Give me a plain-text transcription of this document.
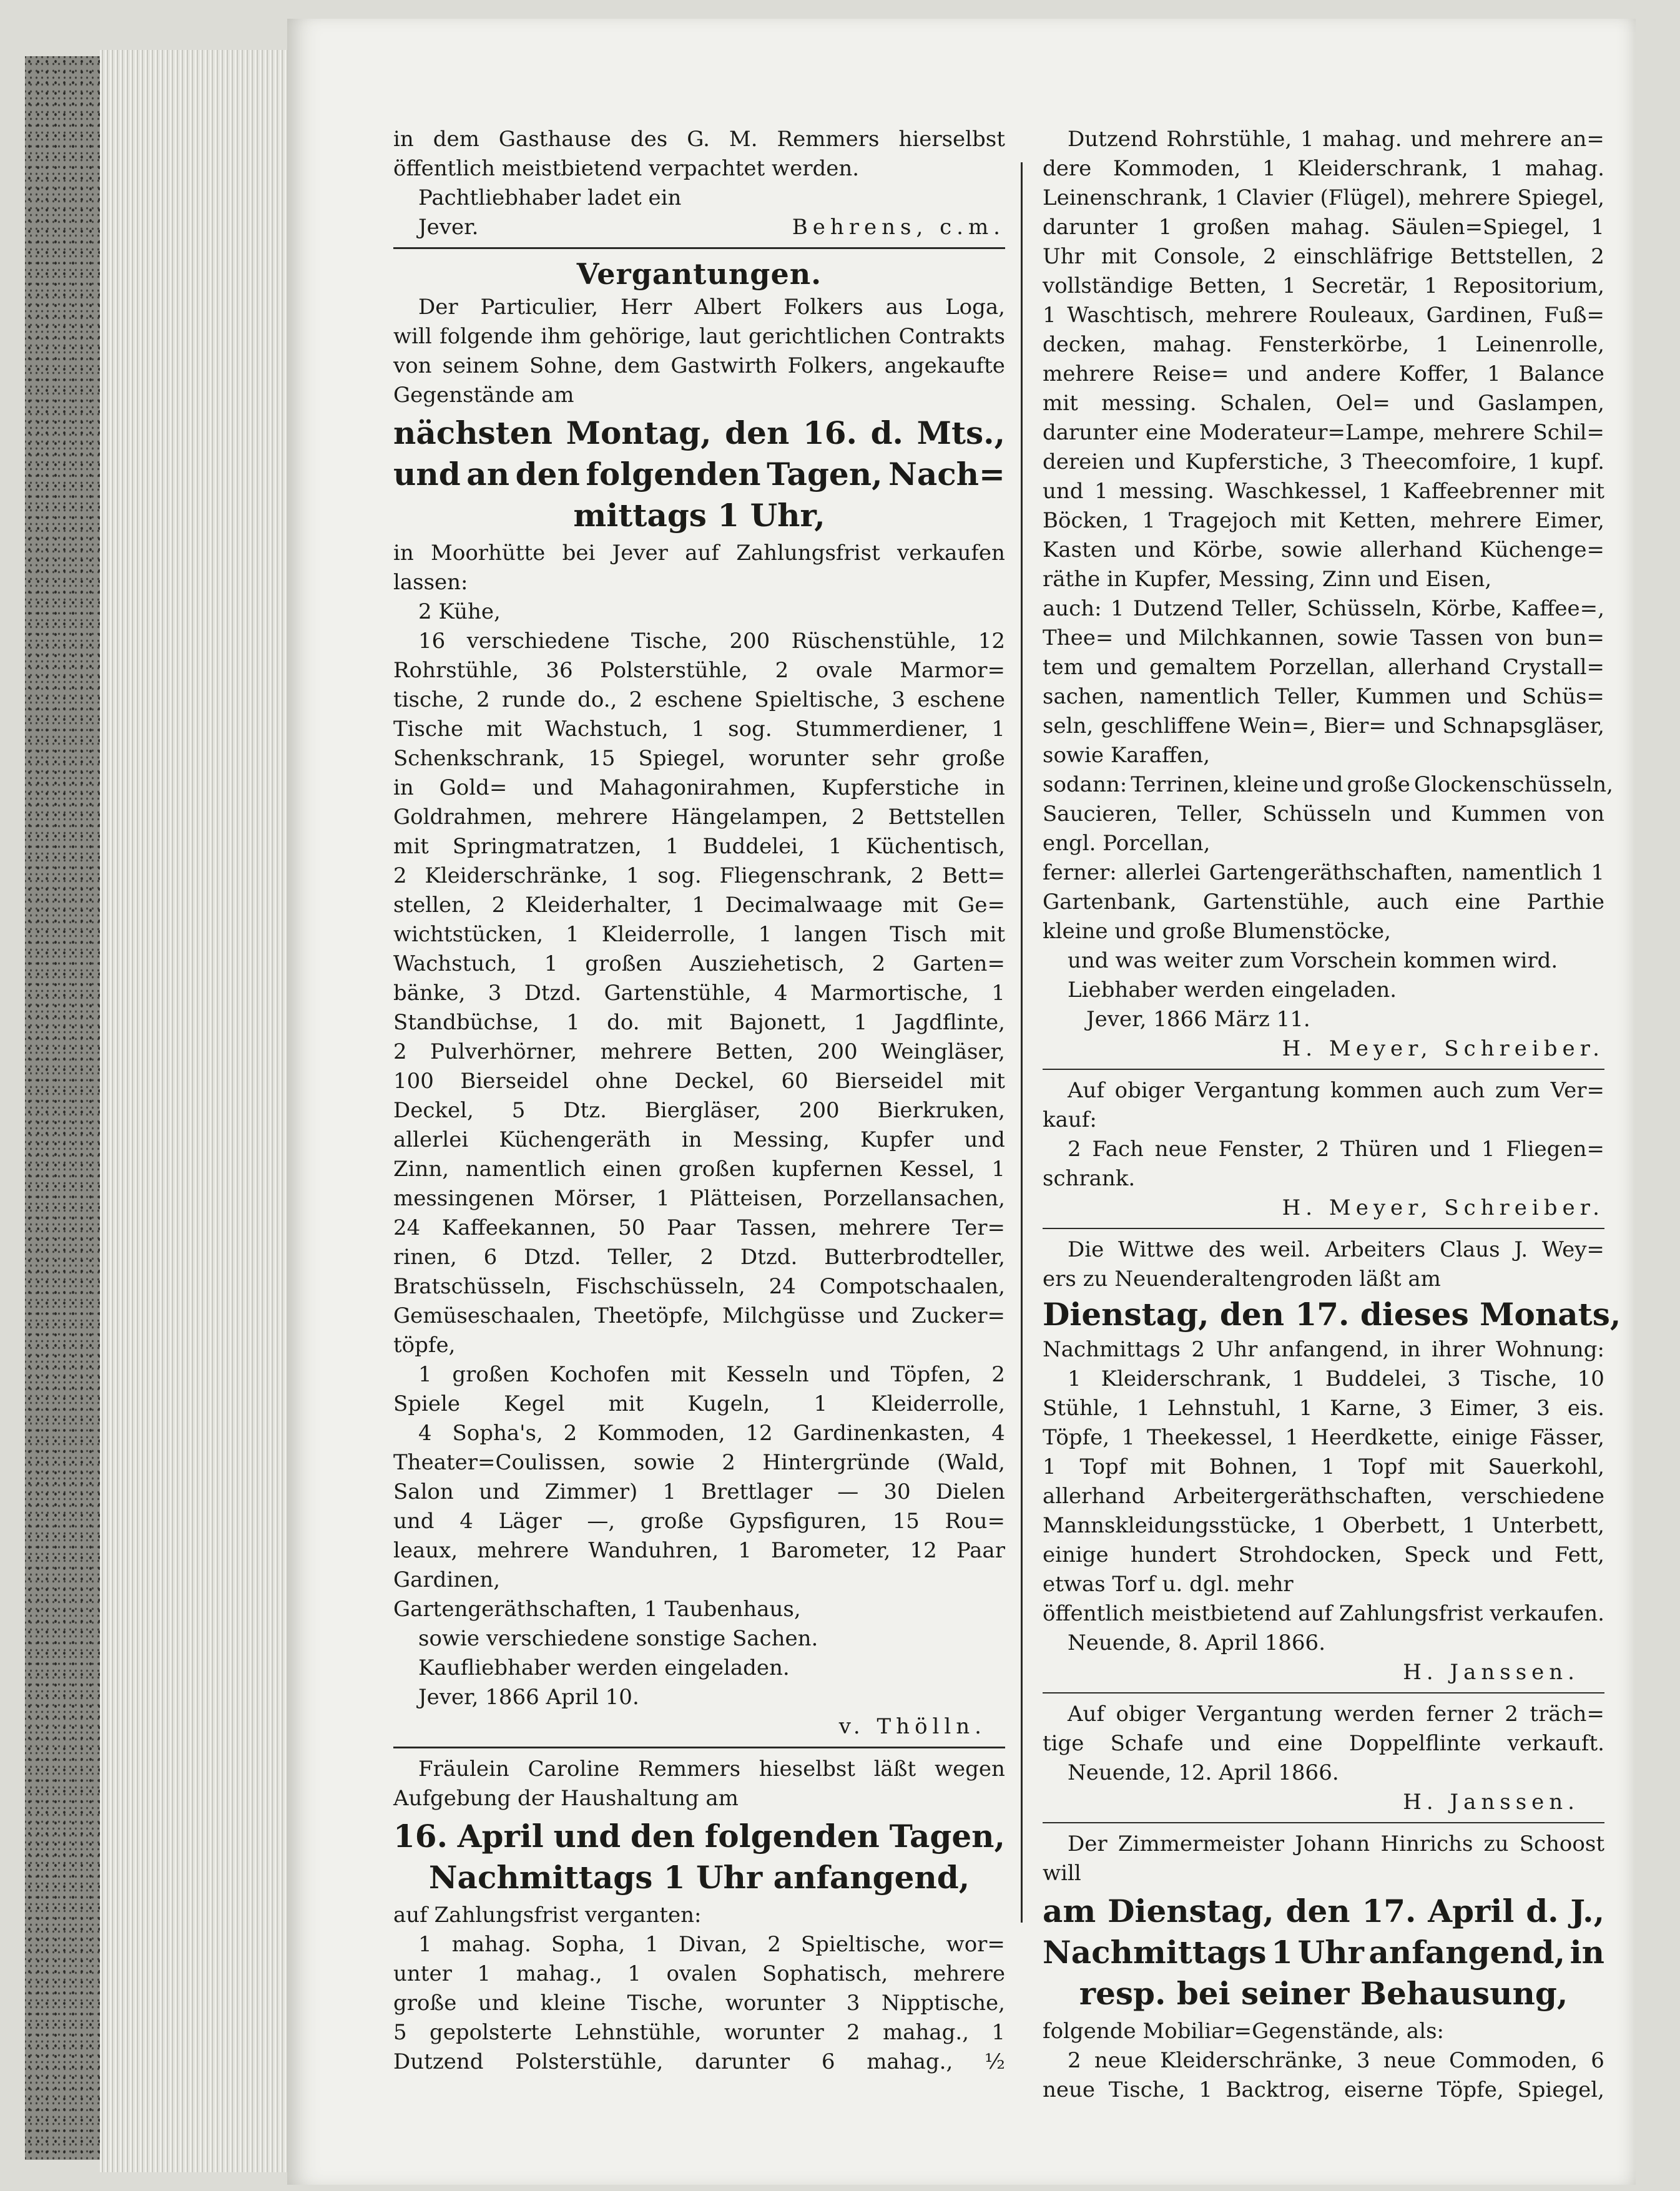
in dem Gasthause des G. M. Remmers hierselbst
öffentlich meistbietend verpachtet werden.
Pachtliebhaber ladet ein
Jever.	Behrens, c.m.
Vergantungen.
Der Particulier, Herr Albert Folkers aus Loga,
will folgende ihm gehörige, laut gerichtlichen Contrakts
von seinem Sohne, dem Gastwirth Folkers, angekaufte
Gegenstände am
nächsten Montag, den 16. d. Mts.,
und an den folgenden Tagen, Nach=
mittags 1 Uhr,
in Moorhütte bei Jever auf Zahlungsfrist verkaufen
lassen:
2 Kühe,
16 verschiedene Tische, 200 Rüschenstühle, 12
Rohrstühle, 36 Polsterstühle, 2 ovale Marmor=
tische, 2 runde do., 2 eschene Spieltische, 3 eschene
Tische mit Wachstuch, 1 sog. Stummerdiener, 1
Schenkschrank, 15 Spiegel, worunter sehr große
in Gold= und Mahagonirahmen, Kupferstiche in
Goldrahmen, mehrere Hängelampen, 2 Bettstellen
mit Springmatratzen, 1 Buddelei, 1 Küchentisch,
2 Kleiderschränke, 1 sog. Fliegenschrank, 2 Bett=
stellen, 2 Kleiderhalter, 1 Decimalwaage mit Ge=
wichtstücken, 1 Kleiderrolle, 1 langen Tisch mit
Wachstuch, 1 großen Ausziehetisch, 2 Garten=
bänke, 3 Dtzd. Gartenstühle, 4 Marmortische, 1
Standbüchse, 1 do. mit Bajonett, 1 Jagdflinte,
2 Pulverhörner, mehrere Betten, 200 Weingläser,
100 Bierseidel ohne Deckel, 60 Bierseidel mit
Deckel, 5 Dtz. Biergläser, 200 Bierkruken,
allerlei Küchengeräth in Messing, Kupfer und
Zinn, namentlich einen großen kupfernen Kessel, 1
messingenen Mörser, 1 Plätteisen, Porzellansachen,
24 Kaffeekannen, 50 Paar Tassen, mehrere Ter=
rinen, 6 Dtzd. Teller, 2 Dtzd. Butterbrodteller,
Bratschüsseln, Fischschüsseln, 24 Compotschaalen,
Gemüseschaalen, Theetöpfe, Milchgüsse und Zucker=
töpfe,
1 großen Kochofen mit Kesseln und Töpfen, 2
Spiele Kegel mit Kugeln, 1 Kleiderrolle,
4 Sopha's, 2 Kommoden, 12 Gardinenkasten, 4
Theater=Coulissen, sowie 2 Hintergründe (Wald,
Salon und Zimmer) 1 Brettlager — 30 Dielen
und 4 Läger —, große Gypsfiguren, 15 Rou=
leaux, mehrere Wanduhren, 1 Barometer, 12 Paar
Gardinen,
Gartengeräthschaften, 1 Taubenhaus,
sowie verschiedene sonstige Sachen.
Kaufliebhaber werden eingeladen.
Jever, 1866 April 10.
v. Thölln.
Fräulein Caroline Remmers hieselbst läßt wegen
Aufgebung der Haushaltung am
16. April und den folgenden Tagen,
Nachmittags 1 Uhr anfangend,
auf Zahlungsfrist verganten:
1 mahag. Sopha, 1 Divan, 2 Spieltische, wor=
unter 1 mahag., 1 ovalen Sophatisch, mehrere
große und kleine Tische, worunter 3 Nipptische,
5 gepolsterte Lehnstühle, worunter 2 mahag., 1
Dutzend Polsterstühle, darunter 6 mahag., ½
Dutzend Rohrstühle, 1 mahag. und mehrere an=
dere Kommoden, 1 Kleiderschrank, 1 mahag.
Leinenschrank, 1 Clavier (Flügel), mehrere Spiegel,
darunter 1 großen mahag. Säulen=Spiegel, 1
Uhr mit Console, 2 einschläfrige Bettstellen, 2
vollständige Betten, 1 Secretär, 1 Repositorium,
1 Waschtisch, mehrere Rouleaux, Gardinen, Fuß=
decken, mahag. Fensterkörbe, 1 Leinenrolle,
mehrere Reise= und andere Koffer, 1 Balance
mit messing. Schalen, Oel= und Gaslampen,
darunter eine Moderateur=Lampe, mehrere Schil=
dereien und Kupferstiche, 3 Theecomfoire, 1 kupf.
und 1 messing. Waschkessel, 1 Kaffeebrenner mit
Böcken, 1 Tragejoch mit Ketten, mehrere Eimer,
Kasten und Körbe, sowie allerhand Küchenge=
räthe in Kupfer, Messing, Zinn und Eisen,
auch: 1 Dutzend Teller, Schüsseln, Körbe, Kaffee=,
Thee= und Milchkannen, sowie Tassen von bun=
tem und gemaltem Porzellan, allerhand Crystall=
sachen, namentlich Teller, Kummen und Schüs=
seln, geschliffene Wein=, Bier= und Schnapsgläser,
sowie Karaffen,
sodann: Terrinen, kleine und große Glockenschüsseln,
Saucieren, Teller, Schüsseln und Kummen von
engl. Porcellan,
ferner: allerlei Gartengeräthschaften, namentlich 1
Gartenbank, Gartenstühle, auch eine Parthie
kleine und große Blumenstöcke,
und was weiter zum Vorschein kommen wird.
Liebhaber werden eingeladen.
Jever, 1866 März 11.
H. Meyer, Schreiber.
Auf obiger Vergantung kommen auch zum Ver=
kauf:
2 Fach neue Fenster, 2 Thüren und 1 Fliegen=
schrank.
H. Meyer, Schreiber.
Die Wittwe des weil. Arbeiters Claus J. Wey=
ers zu Neuenderaltengroden läßt am
Dienstag, den 17. dieses Monats,
Nachmittags 2 Uhr anfangend, in ihrer Wohnung:
1 Kleiderschrank, 1 Buddelei, 3 Tische, 10
Stühle, 1 Lehnstuhl, 1 Karne, 3 Eimer, 3 eis.
Töpfe, 1 Theekessel, 1 Heerdkette, einige Fässer,
1 Topf mit Bohnen, 1 Topf mit Sauerkohl,
allerhand Arbeitergeräthschaften, verschiedene
Mannskleidungsstücke, 1 Oberbett, 1 Unterbett,
einige hundert Strohdocken, Speck und Fett,
etwas Torf u. dgl. mehr
öffentlich meistbietend auf Zahlungsfrist verkaufen.
Neuende, 8. April 1866.
H. Janssen.
Auf obiger Vergantung werden ferner 2 träch=
tige Schafe und eine Doppelflinte verkauft.
Neuende, 12. April 1866.
H. Janssen.
Der Zimmermeister Johann Hinrichs zu Schoost
will
am Dienstag, den 17. April d. J.,
Nachmittags 1 Uhr anfangend, in
resp. bei seiner Behausung,
folgende Mobiliar=Gegenstände, als:
2 neue Kleiderschränke, 3 neue Commoden, 6
neue Tische, 1 Backtrog, eiserne Töpfe, Spiegel,
